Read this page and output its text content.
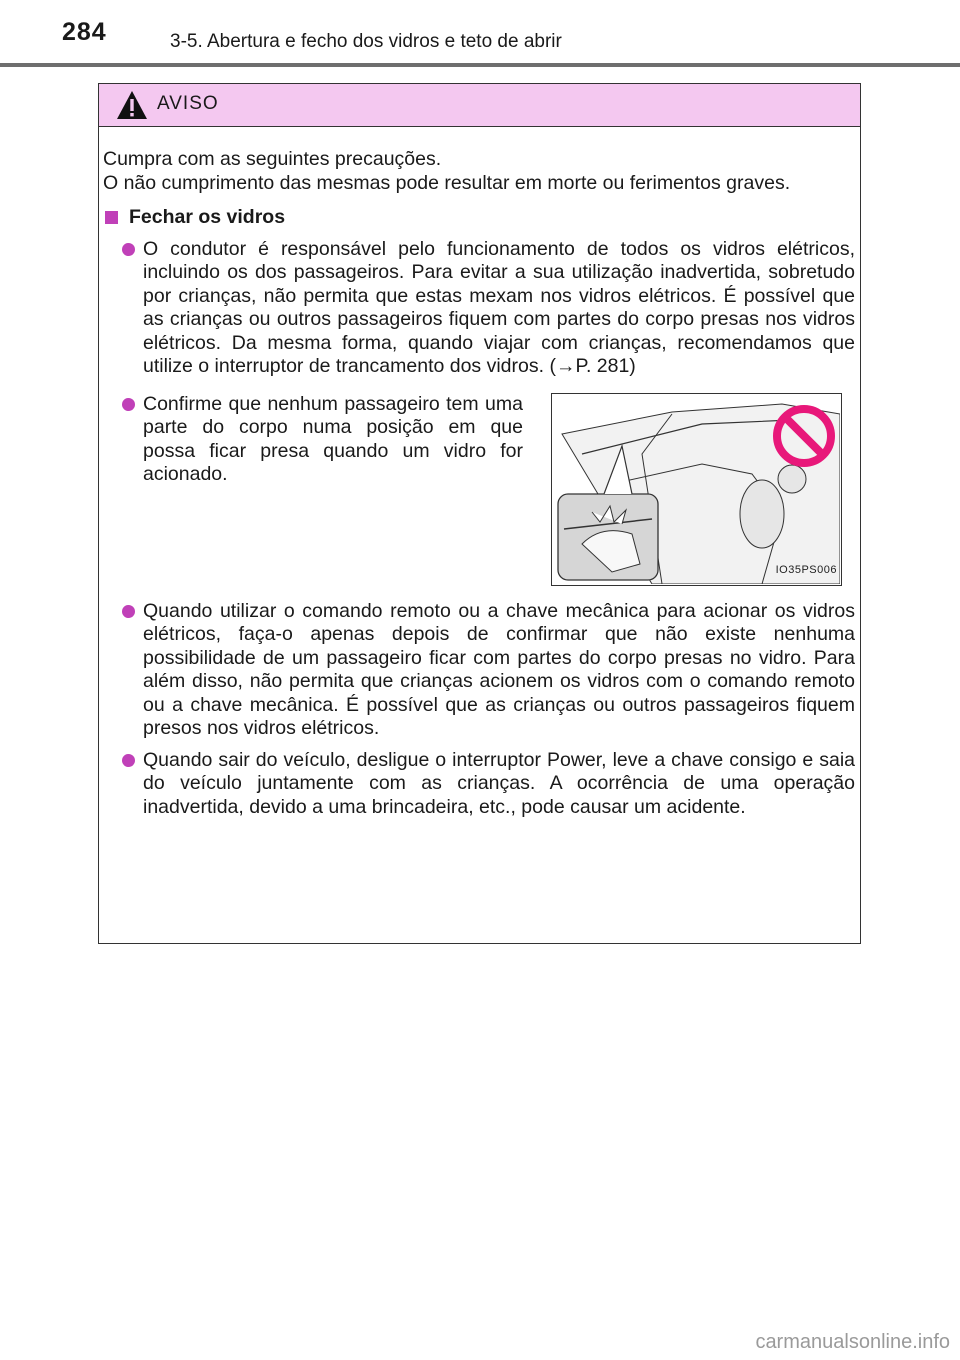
284	3-5. Abertura e fecho dos vidros e teto de abrir
AVISO

Cumpra com as seguintes precauções.

O não cumprimento das mesmas pode resultar em morte ou ferimentos graves.

Fechar os vidros
O condutor é responsável pelo funcionamento de todos os vidros elétricos, incluindo os dos passageiros. Para evitar a sua utilização inadvertida, sobretudo por crianças, não permita que estas mexam nos vidros elétricos. É possível que as crianças ou outros passageiros fiquem com partes do corpo presas nos vidros elétricos. Da mesma forma, quando viajar com crianças, recomendamos que utilize o interruptor de trancamento dos vidros. (→P. 281)
Confirme que nenhum passageiro tem uma parte do corpo numa posição em que possa ficar presa quando um vidro for acionado.
IO35PS006
Quando utilizar o comando remoto ou a chave mecânica para acionar os vidros elétricos, faça-o apenas depois de confirmar que não existe nenhuma possibilidade de um passageiro ficar com partes do corpo presas no vidro. Para além disso, não permita que crianças acionem os vidros com o comando remoto ou a chave mecânica. É possível que as crianças ou outros passageiros fiquem presos nos vidros elétricos.
Quando sair do veículo, desligue o interruptor Power, leve a chave consigo e saia do veículo juntamente com as crianças. A ocorrência de uma operação inadvertida, devido a uma brincadeira, etc., pode causar um acidente.
carmanualsonline.info
